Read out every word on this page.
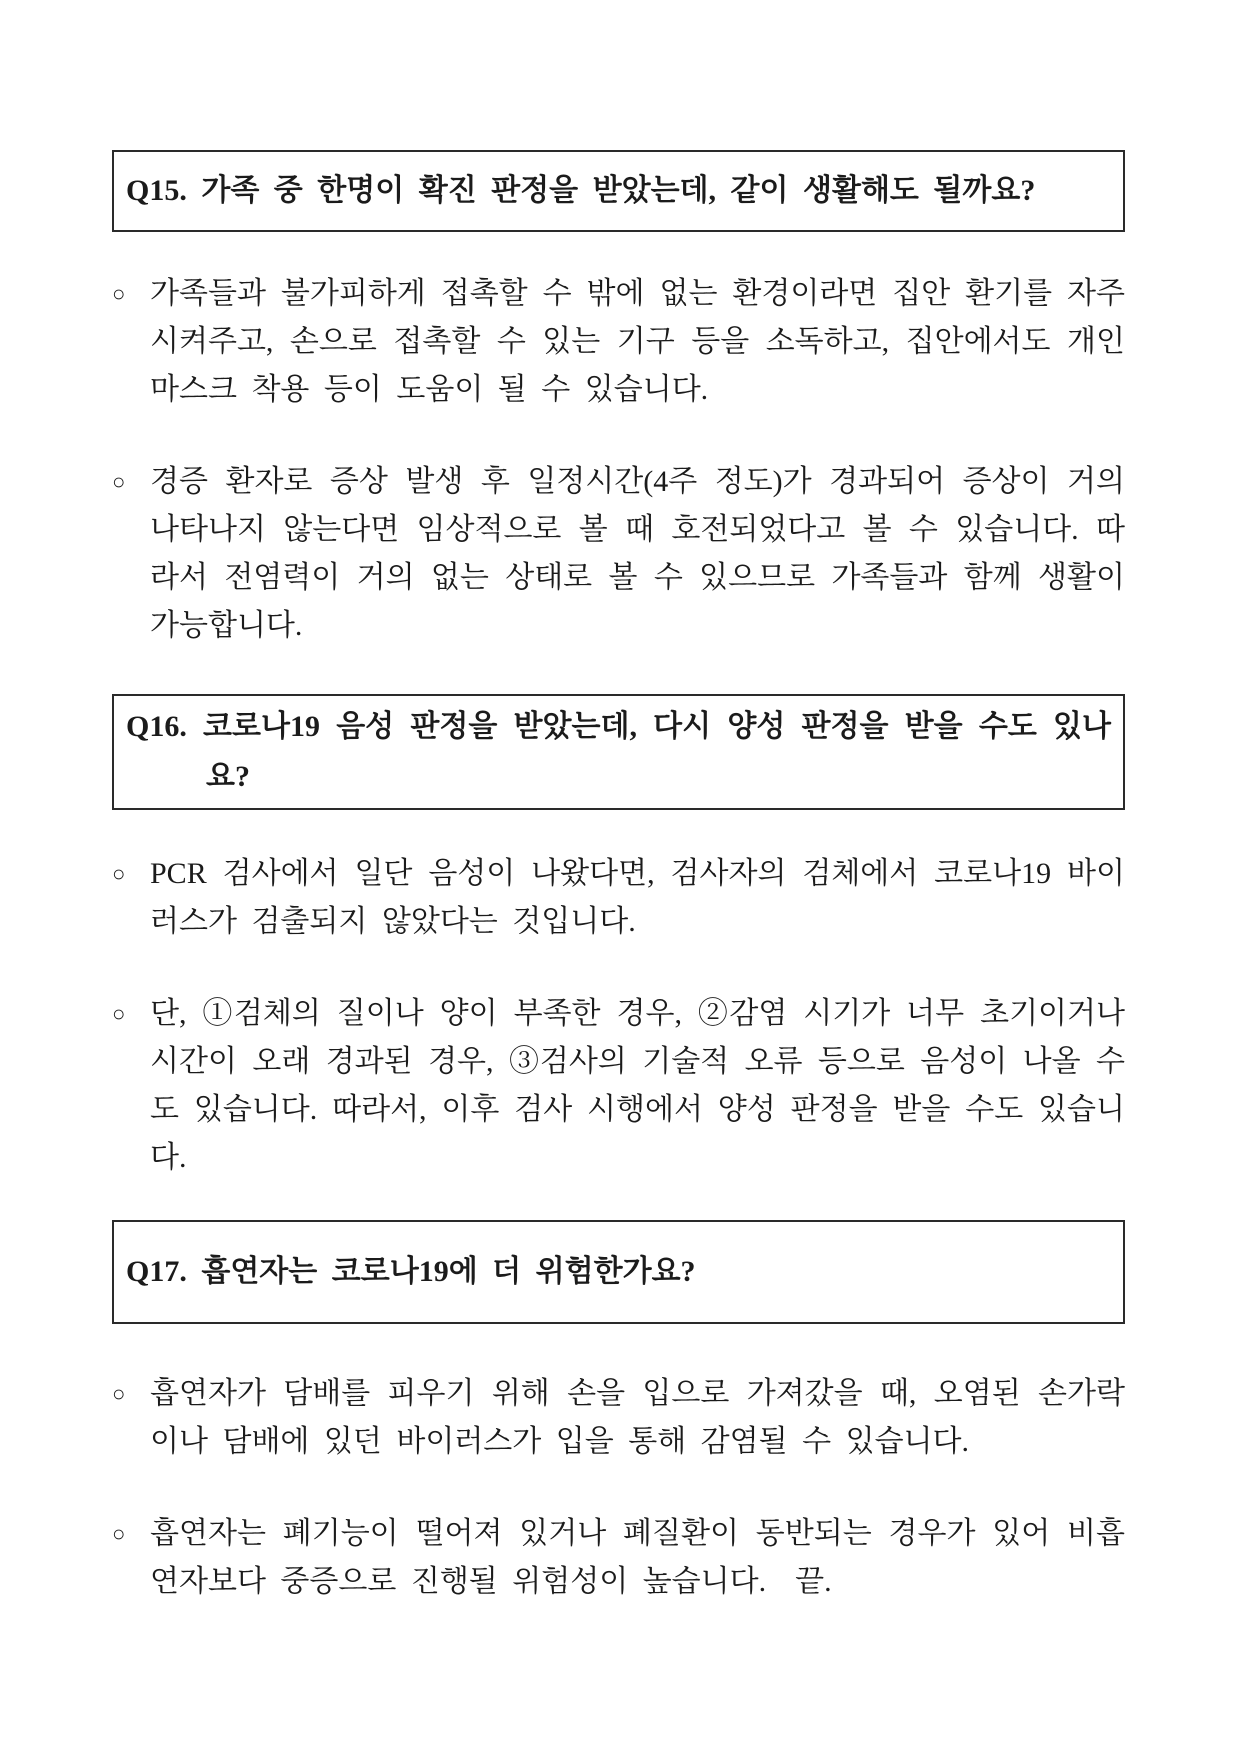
Q15. 가족 중 한명이 확진 판정을 받았는데, 같이 생활해도 될까요?

○ 가족들과 불가피하게 접촉할 수 밖에 없는 환경이라면 집안 환기를 자주 시켜주고, 손으로 접촉할 수 있는 기구 등을 소독하고, 집안에서도 개인 마스크 착용 등이 도움이 될 수 있습니다.

○ 경증 환자로 증상 발생 후 일정시간(4주 정도)가 경과되어 증상이 거의 나타나지 않는다면 임상적으로 볼 때 호전되었다고 볼 수 있습니다. 따라서 전염력이 거의 없는 상태로 볼 수 있으므로 가족들과 함께 생활이 가능합니다.

Q16. 코로나19 음성 판정을 받았는데, 다시 양성 판정을 받을 수도 있나요?

○ PCR 검사에서 일단 음성이 나왔다면, 검사자의 검체에서 코로나19 바이러스가 검출되지 않았다는 것입니다.

○ 단, ①검체의 질이나 양이 부족한 경우, ②감염 시기가 너무 초기이거나 시간이 오래 경과된 경우, ③검사의 기술적 오류 등으로 음성이 나올 수도 있습니다. 따라서, 이후 검사 시행에서 양성 판정을 받을 수도 있습니다.

Q17. 흡연자는 코로나19에 더 위험한가요?

○ 흡연자가 담배를 피우기 위해 손을 입으로 가져갔을 때, 오염된 손가락이나 담배에 있던 바이러스가 입을 통해 감염될 수 있습니다.

○ 흡연자는 폐기능이 떨어져 있거나 폐질환이 동반되는 경우가 있어 비흡연자보다 중증으로 진행될 위험성이 높습니다.  끝.
